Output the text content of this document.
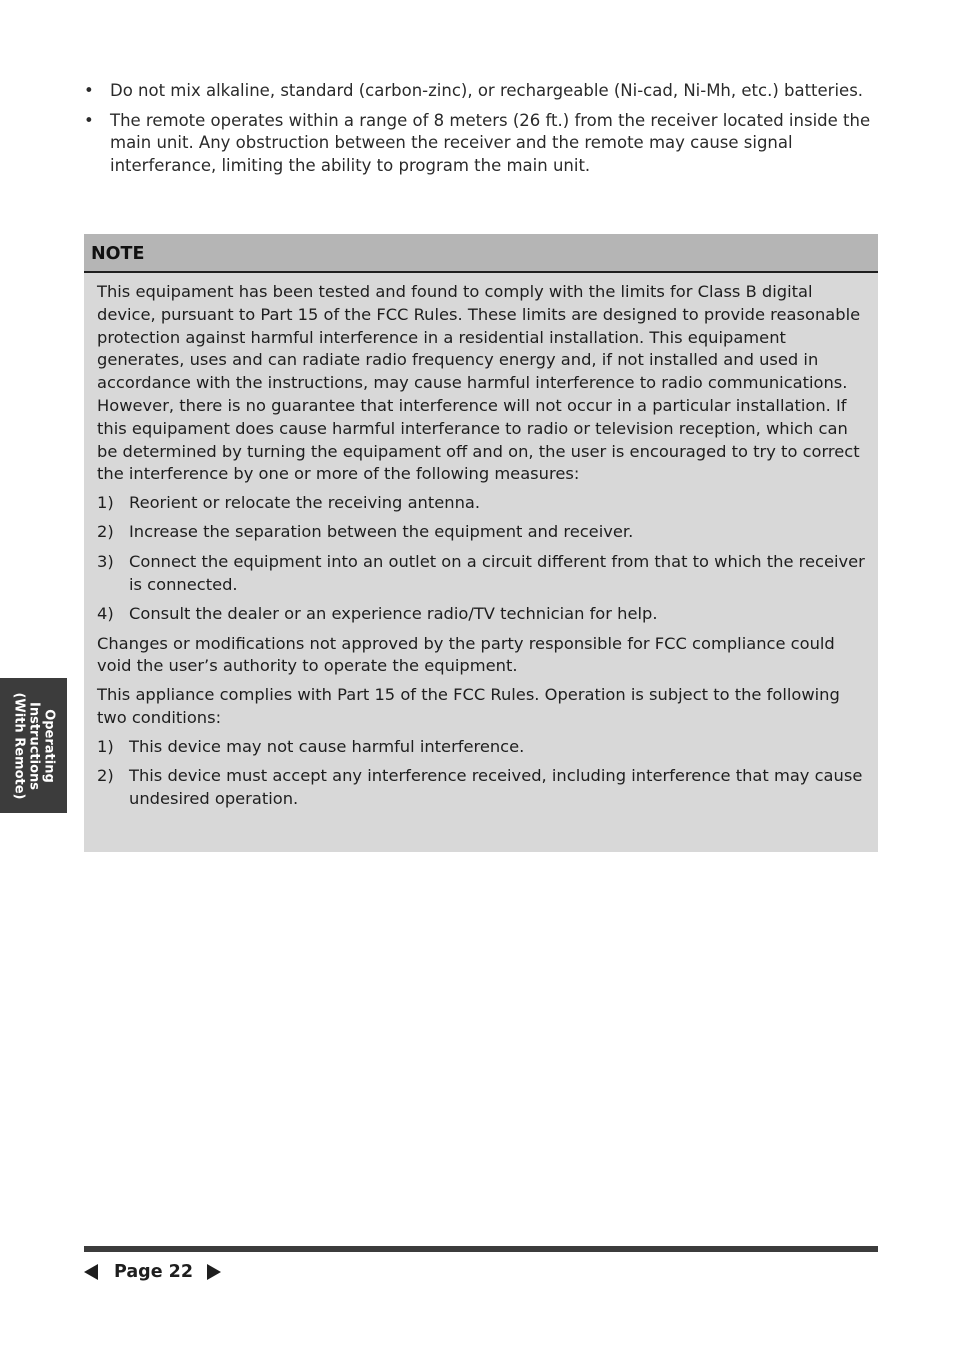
• Do not mix alkaline, standard (carbon-zinc), or rechargeable (Ni-cad, Ni-Mh, etc.) batteries.
• The remote operates within a range of 8 meters (26 ft.) from the receiver located inside the main unit. Any obstruction between the receiver and the remote may cause signal interferance, limiting the ability to program the main unit.
NOTE

This equipament has been tested and found to comply with the limits for Class B digital device, pursuant to Part 15 of the FCC Rules. These limits are designed to provide reasonable protection against harmful interference in a residential installation. This equipament generates, uses and can radiate radio frequency energy and, if not installed and used in accordance with the instructions, may cause harmful interference to radio communications. However, there is no guarantee that interference will not occur in a particular installation. If this equipament does cause harmful interferance to radio or television reception, which can be determined by turning the equipament off and on, the user is encouraged to try to correct the interference by one or more of the following measures:

1) Reorient or relocate the receiving antenna.
2) Increase the separation between the equipment and receiver.
3) Connect the equipment into an outlet on a circuit different from that to which the receiver is connected.
4) Consult the dealer or an experience radio/TV technician for help.

Changes or modifications not approved by the party responsible for FCC compliance could void the user’s authority to operate the equipment.

This appliance complies with Part 15 of the FCC Rules. Operation is subject to the following two conditions:

1) This device may not cause harmful interference.
2) This device must accept any interference received, including interference that may cause undesired operation.
Operating
Instructions
(With Remote)
Page 22
